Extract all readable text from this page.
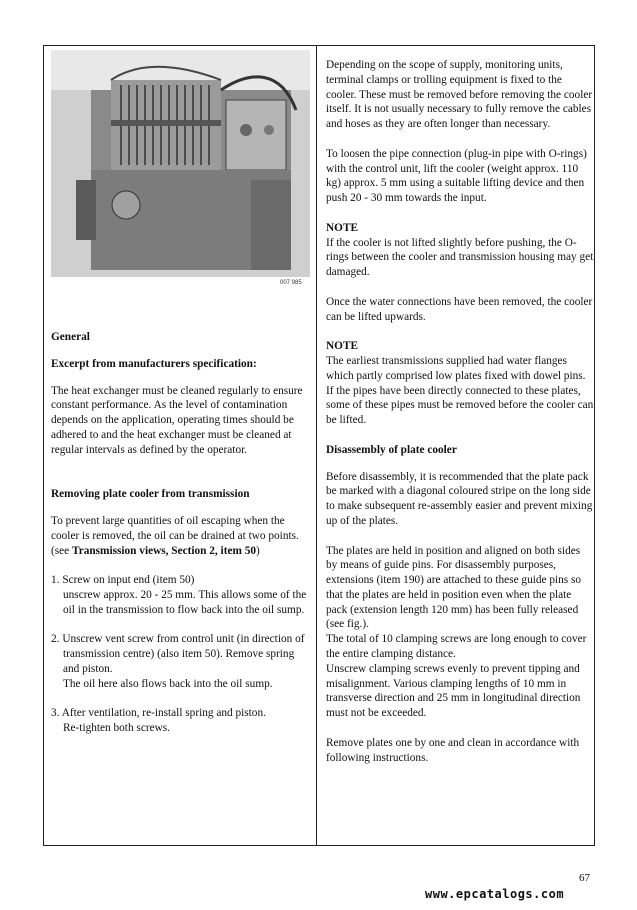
007 985

General

Excerpt from manufacturers specification:

The heat exchanger must be cleaned regularly to ensure constant performance. As the level of contamination depends on the application, operating times should be adhered to and the heat exchanger must be cleaned at regular intervals as defined by the operator.

Removing plate cooler from transmission

To prevent large quantities of oil escaping when the cooler is removed, the oil can be drained at two points. (see Transmission views, Section 2, item 50)

1. Screw on input end (item 50)
unscrew approx. 20 - 25 mm. This allows some of the oil in the transmission to flow back into the oil sump.
2. Unscrew vent screw from control unit (in direction of transmission centre) (also item 50). Remove spring and piston.
The oil here also flows back into the oil sump.
3. After ventilation, re-install spring and piston.
Re-tighten both screws.

Depending on the scope of supply, monitoring units, terminal clamps or trolling equipment is fixed to the cooler. These must be removed before removing the cooler itself. It is not usually necessary to fully remove the cables and hoses as they are often longer than necessary.

To loosen the pipe connection (plug-in pipe with O-rings) with the control unit, lift the cooler (weight approx. 110 kg) approx. 5 mm using a suitable lifting device and then push 20 - 30 mm towards the input.

NOTE

If the cooler is not lifted slightly before pushing, the O-rings between the cooler and transmission housing may get damaged.

Once the water connections have been removed, the cooler can be lifted upwards.

NOTE

The earliest transmissions supplied had water flanges which partly comprised low plates fixed with dowel pins. If the pipes have been directly connected to these plates, some of these pipes must be removed before the cooler can be lifted.

Disassembly of plate cooler

Before disassembly, it is recommended that the plate pack be marked with a diagonal coloured stripe on the long side to make subsequent re-assembly easier and prevent mixing up of the plates.

The plates are held in position and aligned on both sides by means of guide pins. For disassembly purposes, extensions (item 190) are attached to these guide pins so that the plates are held in position even when the plate pack (extension length 120 mm) has been fully released (see fig.).
The total of 10 clamping screws are long enough to cover the entire clamping distance.
Unscrew clamping screws evenly to prevent tipping and misalignment. Various clamping lengths of 10 mm in transverse direction and 25 mm in longitudinal direction must not be exceeded.

Remove plates one by one and clean in accordance with following instructions.

67
www.epcatalogs.com
